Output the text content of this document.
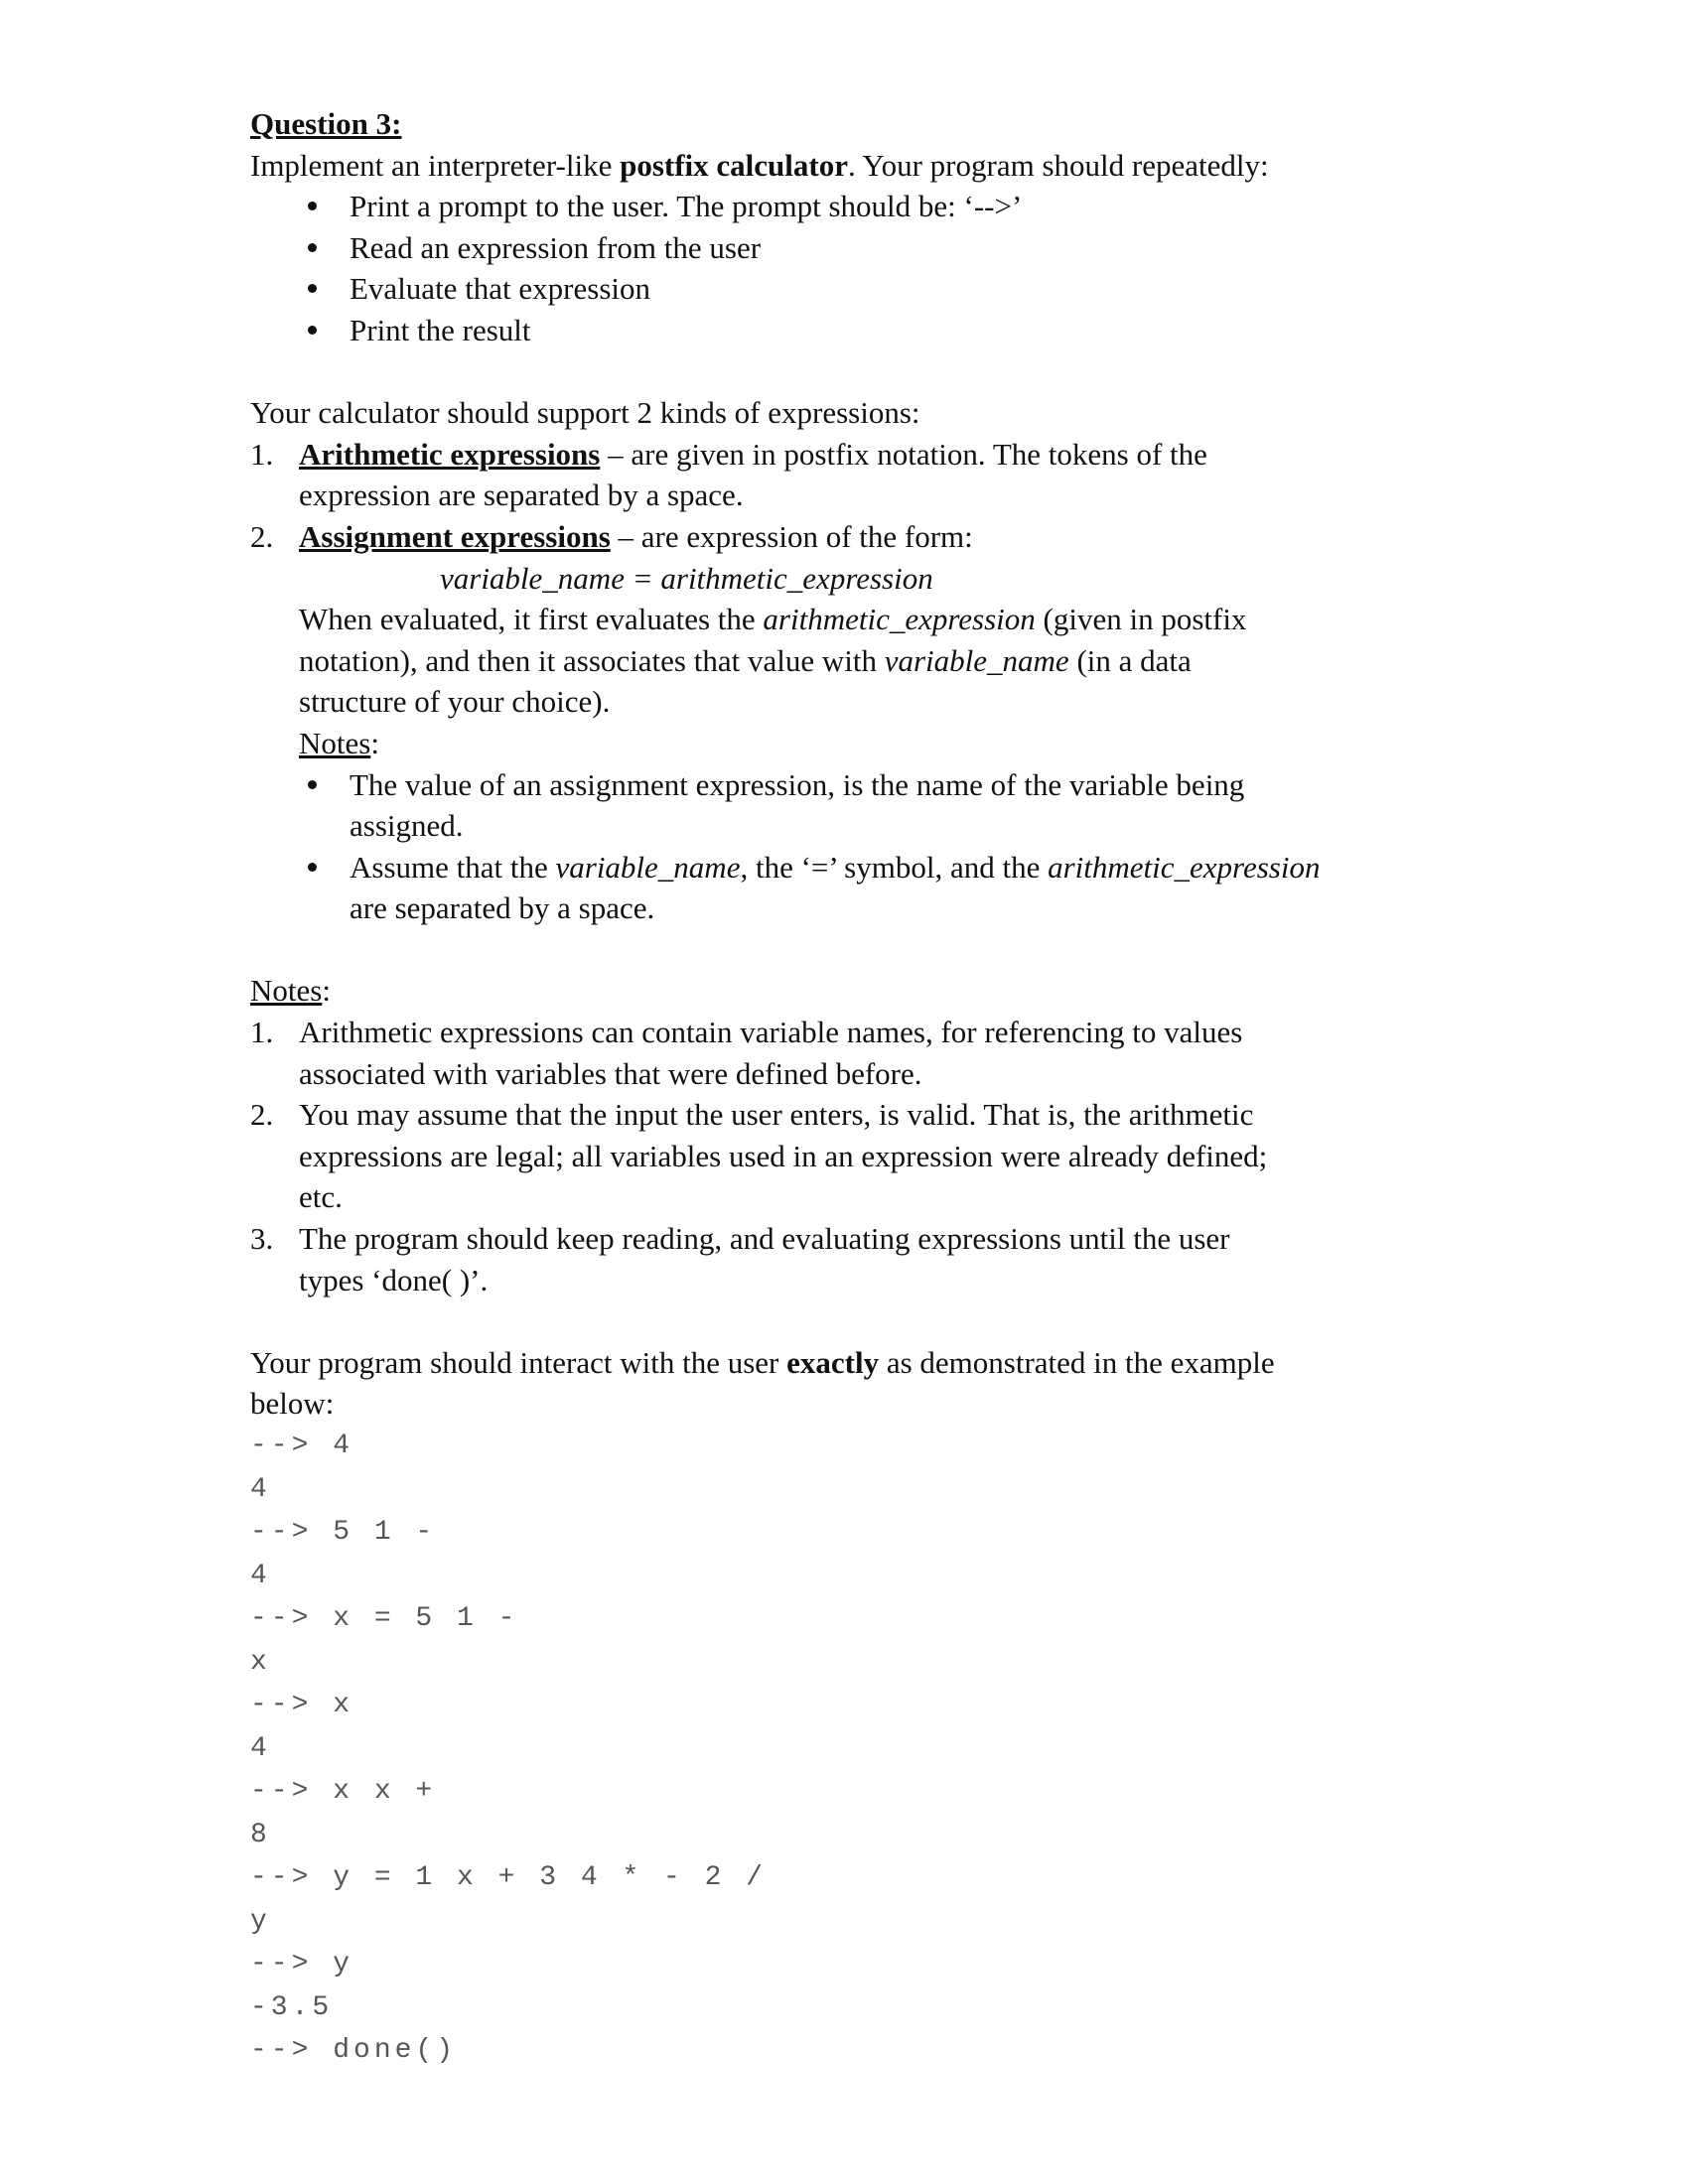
Question 3:
Implement an interpreter-like postfix calculator. Your program should repeatedly:
Print a prompt to the user. The prompt should be: ‘-->’
Read an expression from the user
Evaluate that expression
Print the result
Your calculator should support 2 kinds of expressions:
1. Arithmetic expressions – are given in postfix notation. The tokens of the
expression are separated by a space.
2. Assignment expressions – are expression of the form:
variable_name = arithmetic_expression
When evaluated, it first evaluates the arithmetic_expression (given in postfix
notation), and then it associates that value with variable_name (in a data
structure of your choice).
Notes:
The value of an assignment expression, is the name of the variable being
assigned.
Assume that the variable_name, the ‘=’ symbol, and the arithmetic_expression
are separated by a space.
Notes:
1. Arithmetic expressions can contain variable names, for referencing to values
associated with variables that were defined before.
2. You may assume that the input the user enters, is valid. That is, the arithmetic
expressions are legal; all variables used in an expression were already defined;
etc.
3. The program should keep reading, and evaluating expressions until the user
types ‘done( )’.
Your program should interact with the user exactly as demonstrated in the example
below:
--> 4
4
--> 5 1 -
4
--> x = 5 1 -
x
--> x
4
--> x x +
8
--> y = 1 x + 3 4 * - 2 /
y
--> y
-3.5
--> done()
